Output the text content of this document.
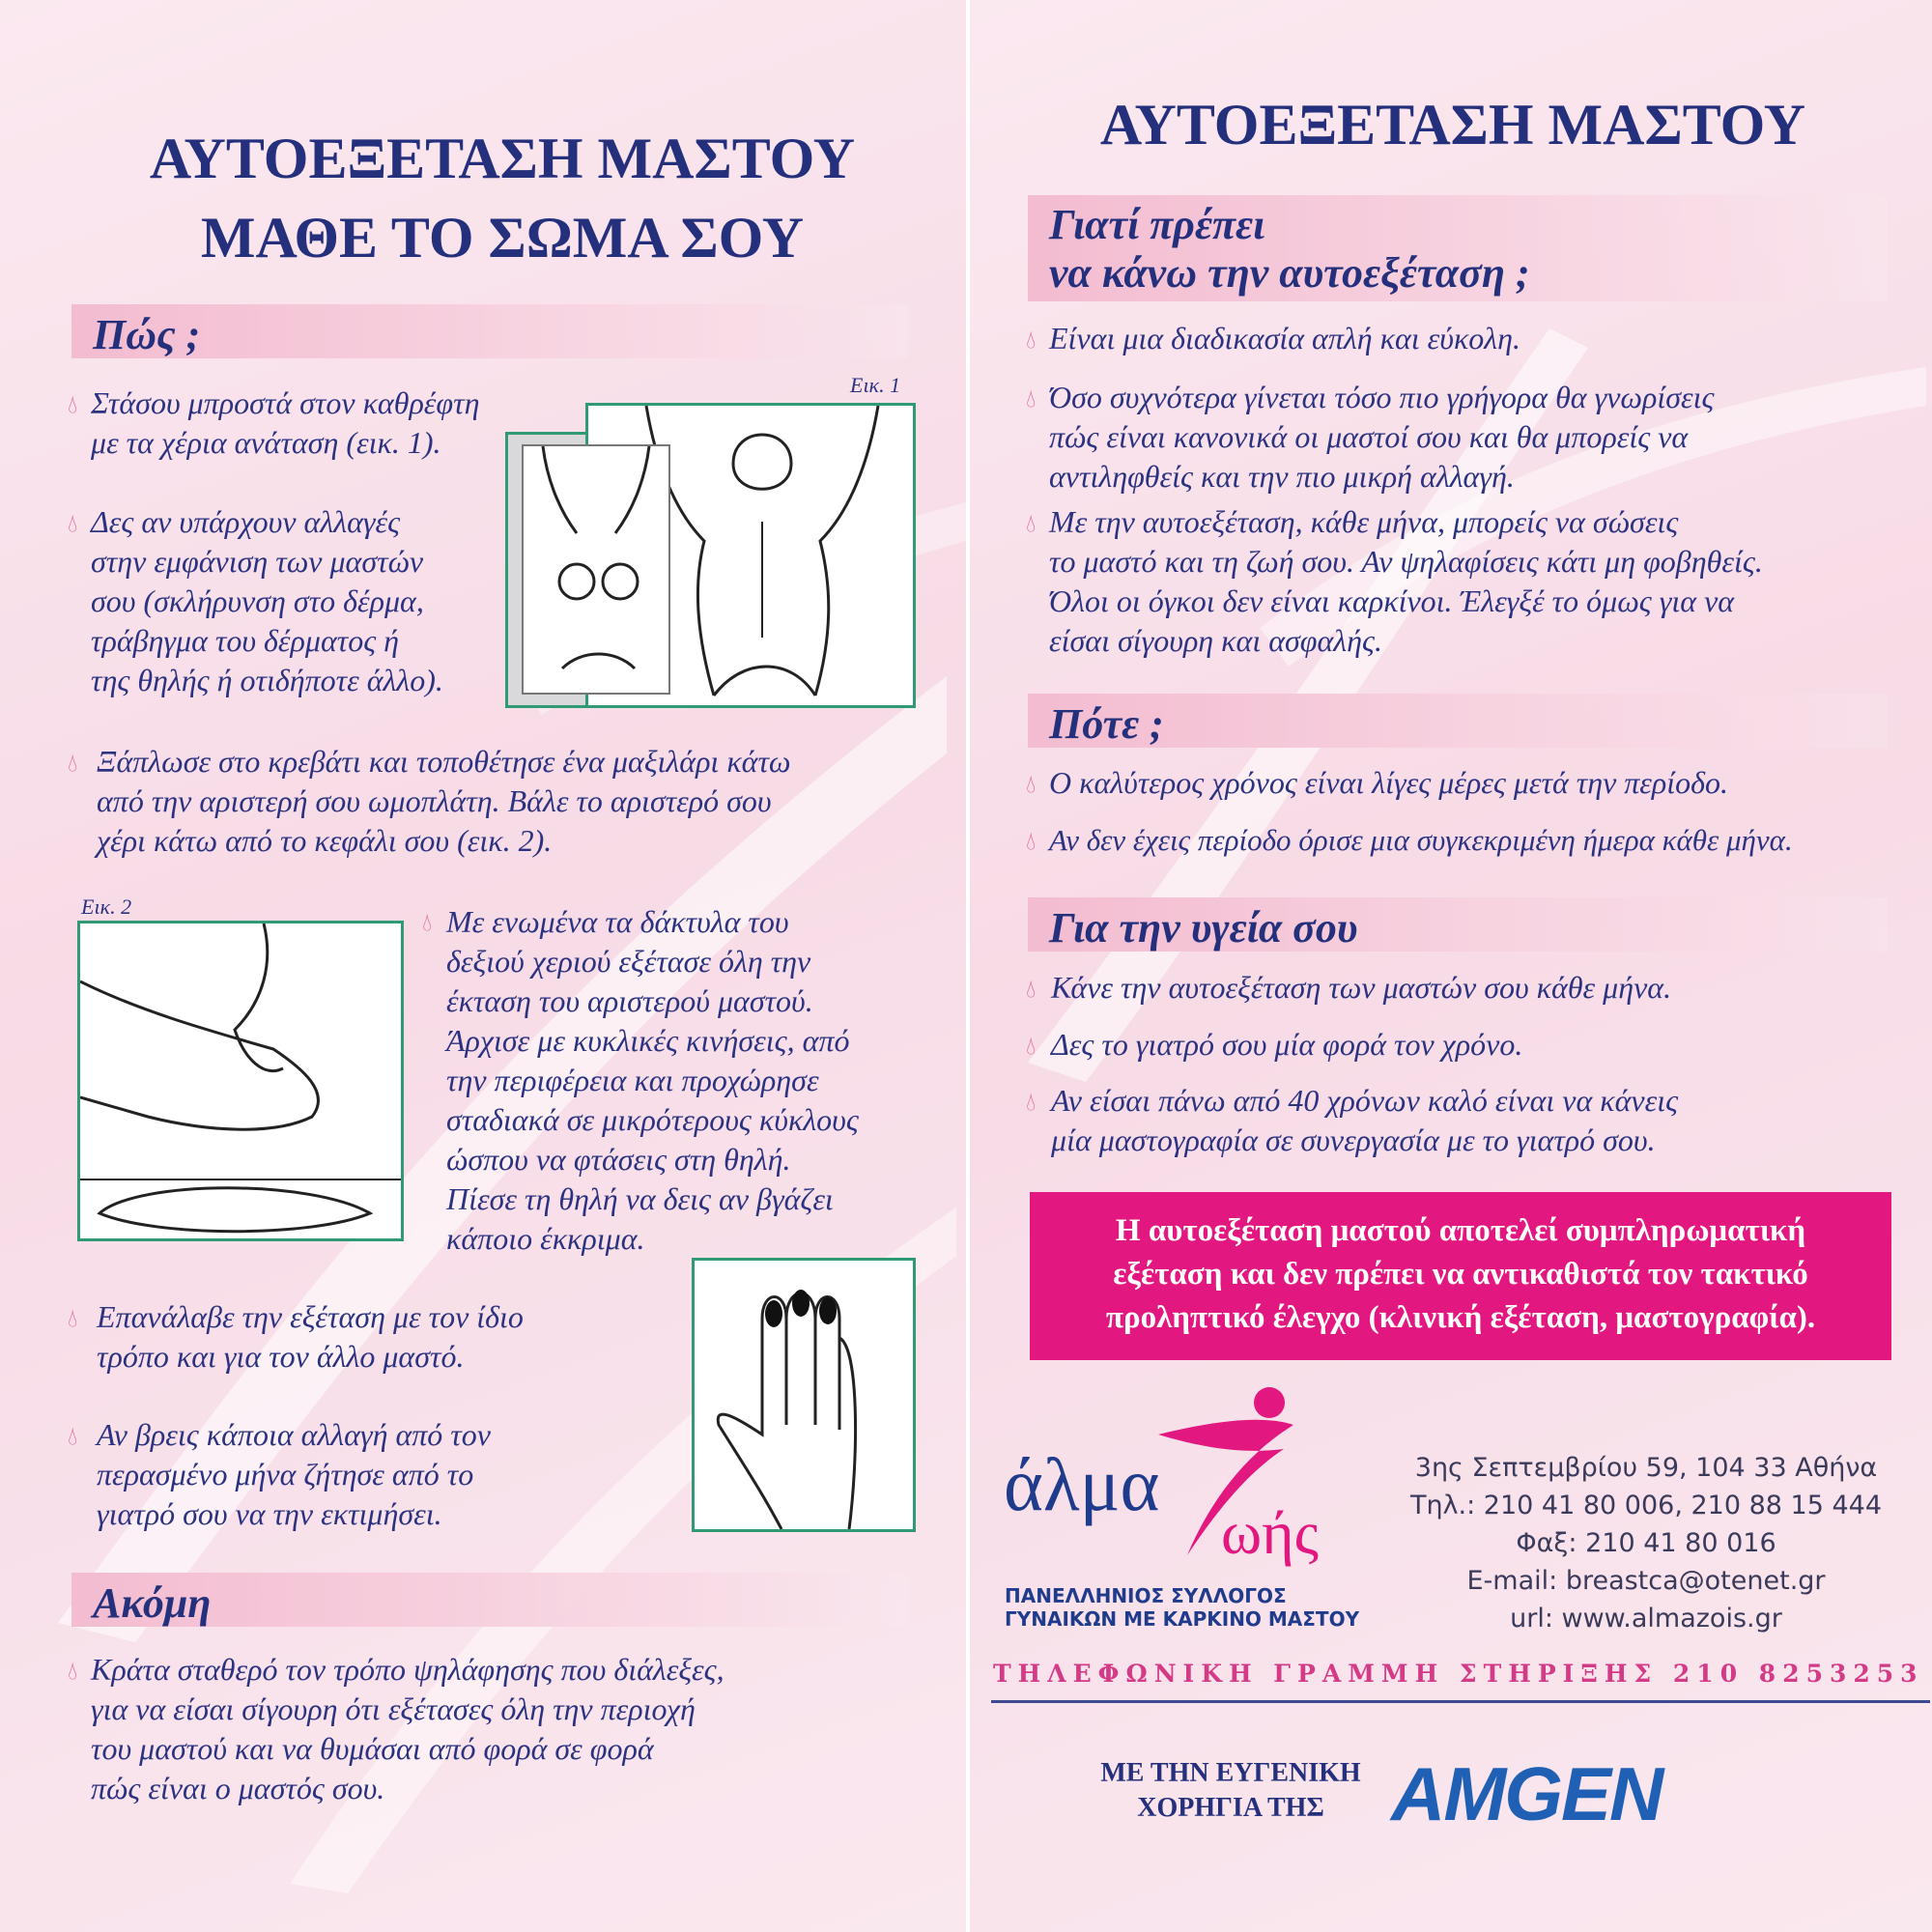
ΑΥΤΟΕΞΕΤΑΣΗ ΜΑΣΤΟΥ
ΜΑΘΕ ΤΟ ΣΩΜΑ ΣΟΥ
Πώς ;
Εικ. 1
💧︎ Στάσου μπροστά στον καθρέφτη
με τα χέρια ανάταση (εικ. 1).
💧︎ Δες αν υπάρχουν αλλαγές
στην εμφάνιση των μαστών
σου (σκλήρυνση στο δέρμα,
τράβηγμα του δέρματος ή
της θηλής ή οτιδήποτε άλλο).
💧︎ Ξάπλωσε στο κρεβάτι και τοποθέτησε ένα μαξιλάρι κάτω
από την αριστερή σου ωμοπλάτη. Βάλε το αριστερό σου
χέρι κάτω από το κεφάλι σου (εικ. 2).
Εικ. 2
💧︎ Με ενωμένα τα δάκτυλα του
δεξιού χεριού εξέτασε όλη την
έκταση του αριστερού μαστού.
Άρχισε με κυκλικές κινήσεις, από
την περιφέρεια και προχώρησε
σταδιακά σε μικρότερους κύκλους
ώσπου να φτάσεις στη θηλή.
Πίεσε τη θηλή να δεις αν βγάζει
κάποιο έκκριμα.
💧︎ Επανάλαβε την εξέταση με τον ίδιο
τρόπο και για τον άλλο μαστό.
💧︎ Αν βρεις κάποια αλλαγή από τον
περασμένο μήνα ζήτησε από το
γιατρό σου να την εκτιμήσει.
Ακόμη
💧︎ Κράτα σταθερό τον τρόπο ψηλάφησης που διάλεξες,
για να είσαι σίγουρη ότι εξέτασες όλη την περιοχή
του μαστού και να θυμάσαι από φορά σε φορά
πώς είναι ο μαστός σου.
ΑΥΤΟΕΞΕΤΑΣΗ ΜΑΣΤΟΥ
Γιατί πρέπει
να κάνω την αυτοεξέταση ;
💧︎ Είναι μια διαδικασία απλή και εύκολη.
💧︎ Όσο συχνότερα γίνεται τόσο πιο γρήγορα θα γνωρίσεις
πώς είναι κανονικά οι μαστοί σου και θα μπορείς να
αντιληφθείς και την πιο μικρή αλλαγή.
💧︎ Με την αυτοεξέταση, κάθε μήνα, μπορείς να σώσεις
το μαστό και τη ζωή σου. Αν ψηλαφίσεις κάτι μη φοβηθείς.
Όλοι οι όγκοι δεν είναι καρκίνοι. Έλεγξέ το όμως για να
είσαι σίγουρη και ασφαλής.
Πότε ;
💧︎ Ο καλύτερος χρόνος είναι λίγες μέρες μετά την περίοδο.
💧︎ Αν δεν έχεις περίοδο όρισε μια συγκεκριμένη ήμερα κάθε μήνα.
Για την υγεία σου
💧︎ Κάνε την αυτοεξέταση των μαστών σου κάθε μήνα.
💧︎ Δες το γιατρό σου μία φορά τον χρόνο.
💧︎ Αν είσαι πάνω από 40 χρόνων καλό είναι να κάνεις
μία μαστογραφία σε συνεργασία με το γιατρό σου.
Η αυτοεξέταση μαστού αποτελεί συμπληρωματική
εξέταση και δεν πρέπει να αντικαθιστά τον τακτικό
προληπτικό έλεγχο (κλινική εξέταση, μαστογραφία).
άλμα
ωής
ΠΑΝΕΛΛΗΝΙΟΣ ΣΥΛΛΟΓΟΣ
ΓΥΝΑΙΚΩΝ ΜΕ ΚΑΡΚΙΝΟ ΜΑΣΤΟΥ
3ης Σεπτεμβρίου 59, 104 33 Αθήνα
Τηλ.: 210 41 80 006, 210 88 15 444
Φαξ: 210 41 80 016
E-mail: breastca@otenet.gr
url: www.almazois.gr
ΤΗΛΕΦΩΝΙΚΗ ΓΡΑΜΜΗ ΣΤΗΡΙΞΗΣ 210 8253253
ΜΕ ΤΗΝ ΕΥΓΕΝΙΚΗ
ΧΟΡΗΓΙΑ ΤΗΣ AMGEN
